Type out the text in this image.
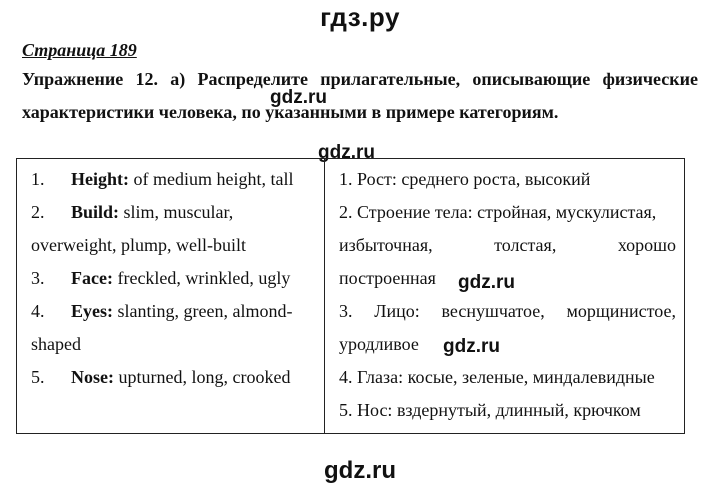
гдз.ру
Страница 189
Упражнение 12. а) Распределите прилагательные, описывающие физические характеристики человека, по указанными в примере категориям.
gdz.ru
gdz.ru
1. Height: of medium height, tall
2. Build: slim, muscular, overweight, plump, well-built
3. Face: freckled, wrinkled, ugly
4. Eyes: slanting, green, almond-shaped
5. Nose: upturned, long, crooked

1. Рост: среднего роста, высокий
2. Строение тела: стройная, мускулистая,
избыточная, толстая, хорошо
построенная
3. Лицо: веснушчатое, морщинистое,
уродливое
4. Глаза: косые, зеленые, миндалевидные
5. Нос: вздернутый, длинный, крючком
gdz.ru
gdz.ru
gdz.ru
